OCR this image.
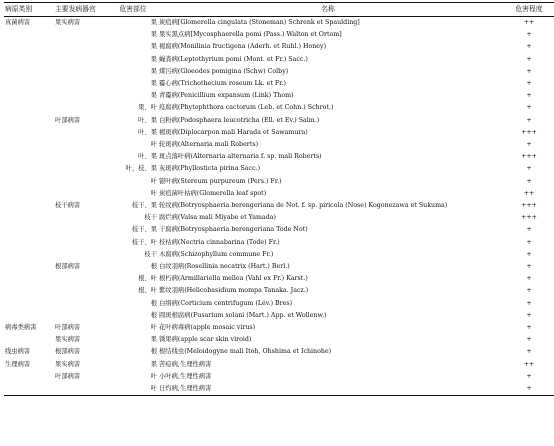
病原类别	主要发病器官	危害部位	名称	危害程度
真菌病害	果实病害	果	炭疽病[Glomerella cingulata (Stoneman) Schrenk et Spaulding]	++
		果	果实黑点病[Mycosphaerella pomi (Pass.) Walton et Ortom]	+
		果	褐腐病(Monilinia fructigena (Aderh. et Ruhl.) Honey)	+
		果	蝇粪病(Leptothyrium pomi (Mont. et Fr.) Sacc.)	+
		果	煤污病(Gloeodes pomigina (Schw) Colby)	+
		果	霉心病(Trichothecium roseum Lk. et Fr.)	+
		果	青霉病(Penicillium expansum (Link) Thom)	+
		果、叶	疫腐病(Phytophthora cactorum (Leb. et Cohn.) Schrot.)	+
	叶部病害	叶、果	白粉病(Podosphaera leucotricha (Ell. et Ev.) Salm.)	+
		叶、果	褐斑病(Diplocarpon mali Harada et Sawamura)	+++
		叶	轮斑病(Alternaria mali Roberts)	+
		叶、果	斑点落叶病(Alternaria alternaria f. sp. mali Roberts)	+++
		叶、枝、果	灰斑病(Phyllosticta pirina Sacc.)	+
		叶	银叶病(Stereum purpureum (Pers.) Fr.)	+
		叶	炭疽菌叶枯病(Glomerella leaf spot)	++
	枝干病害	枝干、果	轮纹病(Botryosphaeria berengeriana de Not. f. sp. piricola (Nose) Kogonezawa et Sukuma)	+++
		枝干	腐烂病(Valsa mali Miyabe et Yamada)	+++
		枝干、果	干腐病(Botryosphaeria berengeriana Tode Not)	+
		枝干、叶	枝枯病(Nectria cinnabarina (Tode) Fr.)	+
		枝干	木腐病(Schizophyllum commune Fr.)	+
	根部病害	根	白纹羽病(Rosellinia necatrix (Hart.) Berl.)	+
		根、叶	根朽病(Armillariella mellea (Vahl ex Fr.) Karst.)	+
		根、叶	紫纹羽病(Helicobasidium mompa Tanaka. Jacz.)	+
		根	白绢病(Corticium centrifugum (Lév.) Bres)	+
		根	圆斑根腐病(Fusarium solani (Mart.) App. et Wollenw.)	+
病毒类病害	叶部病害	叶	花叶病毒病(apple mosaic virus)	+
	果实病害	果	锈果病(apple scar skin viroid)	+
线虫病害	根部病害	根	根结线虫(Meloidogyne mali Itoh, Ohshima et Ichinohe)	+
生理病害	果实病害	果	苦痘病,生理性病害	++
	叶部病害	叶	小叶病,生理性病害	+
		叶	日灼病,生理性病害	+
